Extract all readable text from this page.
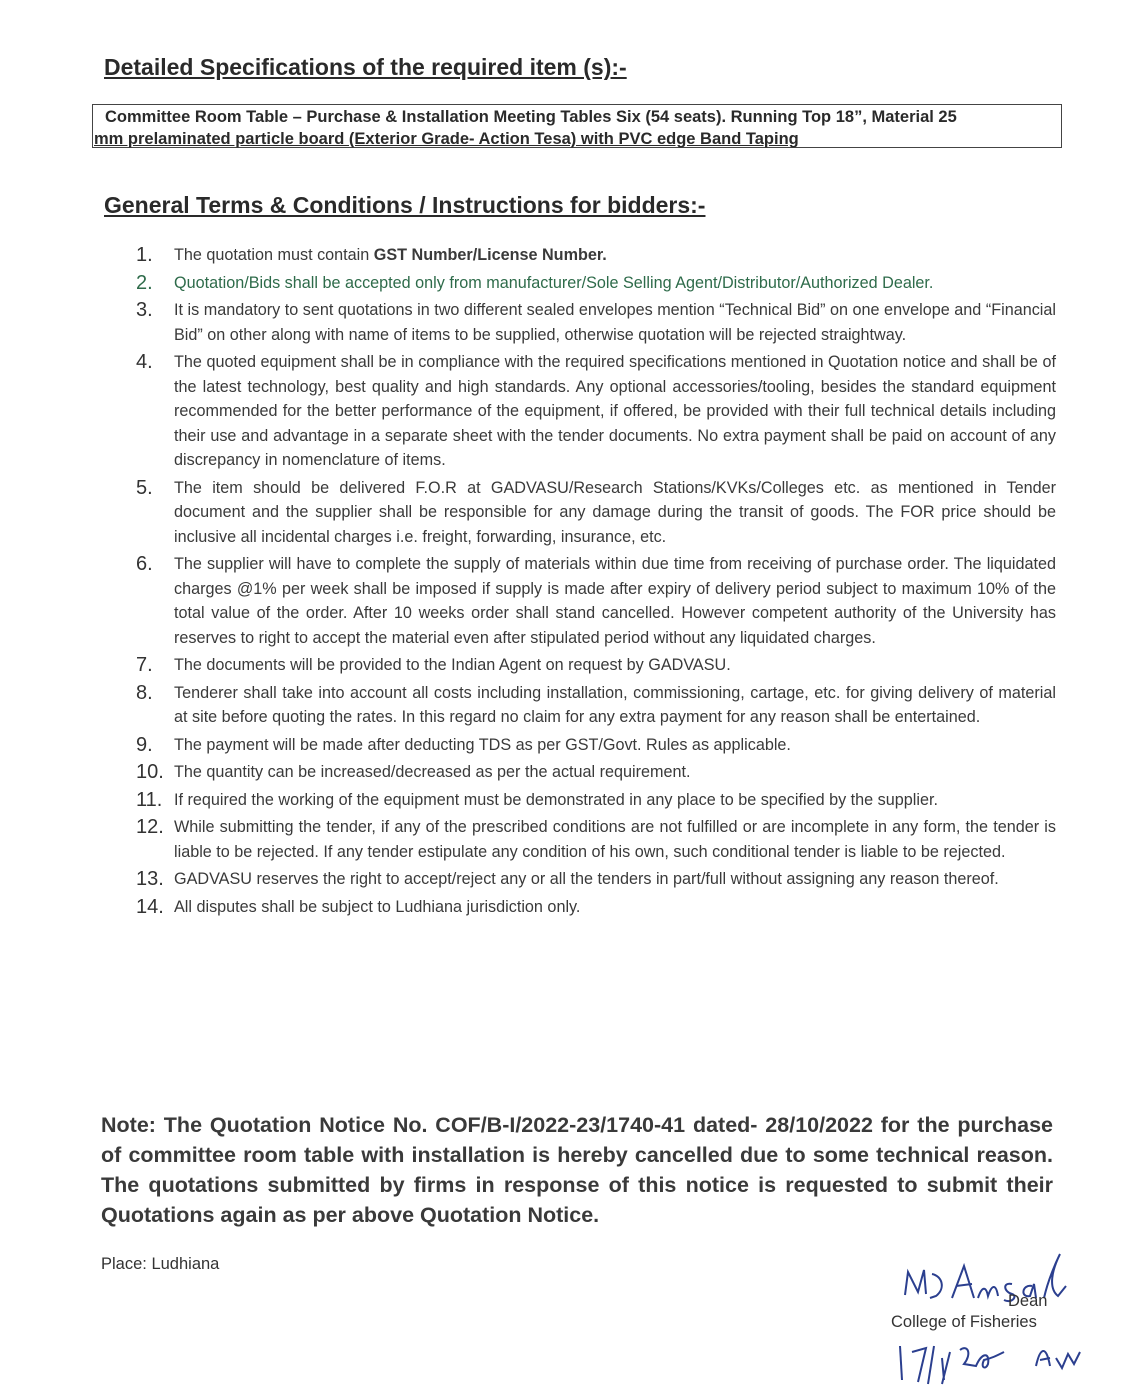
Detailed Specifications of the required item (s):-
Committee Room Table – Purchase & Installation Meeting Tables Six (54 seats). Running Top 18”, Material 25
mm prelaminated particle board (Exterior Grade- Action Tesa) with PVC edge Band Taping
General Terms & Conditions / Instructions for bidders:-
1. The quotation must contain GST Number/License Number.
2. Quotation/Bids shall be accepted only from manufacturer/Sole Selling Agent/Distributor/Authorized Dealer.
3. It is mandatory to sent quotations in two different sealed envelopes mention “Technical Bid” on one envelope and “Financial Bid” on other along with name of items to be supplied, otherwise quotation will be rejected straightway.
4. The quoted equipment shall be in compliance with the required specifications mentioned in Quotation notice and shall be of the latest technology, best quality and high standards. Any optional accessories/tooling, besides the standard equipment recommended for the better performance of the equipment, if offered, be provided with their full technical details including their use and advantage in a separate sheet with the tender documents. No extra payment shall be paid on account of any discrepancy in nomenclature of items.
5. The item should be delivered F.O.R at GADVASU/Research Stations/KVKs/Colleges etc. as mentioned in Tender document and the supplier shall be responsible for any damage during the transit of goods. The FOR price should be inclusive all incidental charges i.e. freight, forwarding, insurance, etc.
6. The supplier will have to complete the supply of materials within due time from receiving of purchase order. The liquidated charges @1% per week shall be imposed if supply is made after expiry of delivery period subject to maximum 10% of the total value of the order. After 10 weeks order shall stand cancelled. However competent authority of the University has reserves to right to accept the material even after stipulated period without any liquidated charges.
7. The documents will be provided to the Indian Agent on request by GADVASU.
8. Tenderer shall take into account all costs including installation, commissioning, cartage, etc. for giving delivery of material at site before quoting the rates. In this regard no claim for any extra payment for any reason shall be entertained.
9. The payment will be made after deducting TDS as per GST/Govt. Rules as applicable.
10. The quantity can be increased/decreased as per the actual requirement.
11. If required the working of the equipment must be demonstrated in any place to be specified by the supplier.
12. While submitting the tender, if any of the prescribed conditions are not fulfilled or are incomplete in any form, the tender is liable to be rejected. If any tender estipulate any condition of his own, such conditional tender is liable to be rejected.
13. GADVASU reserves the right to accept/reject any or all the tenders in part/full without assigning any reason thereof.
14. All disputes shall be subject to Ludhiana jurisdiction only.

Note: The Quotation Notice No. COF/B-I/2022-23/1740-41 dated- 28/10/2022 for the purchase of committee room table with installation is hereby cancelled due to some technical reason. The quotations submitted by firms in response of this notice is requested to submit their Quotations again as per above Quotation Notice.

Place: Ludhiana
Dean
College of Fisheries
